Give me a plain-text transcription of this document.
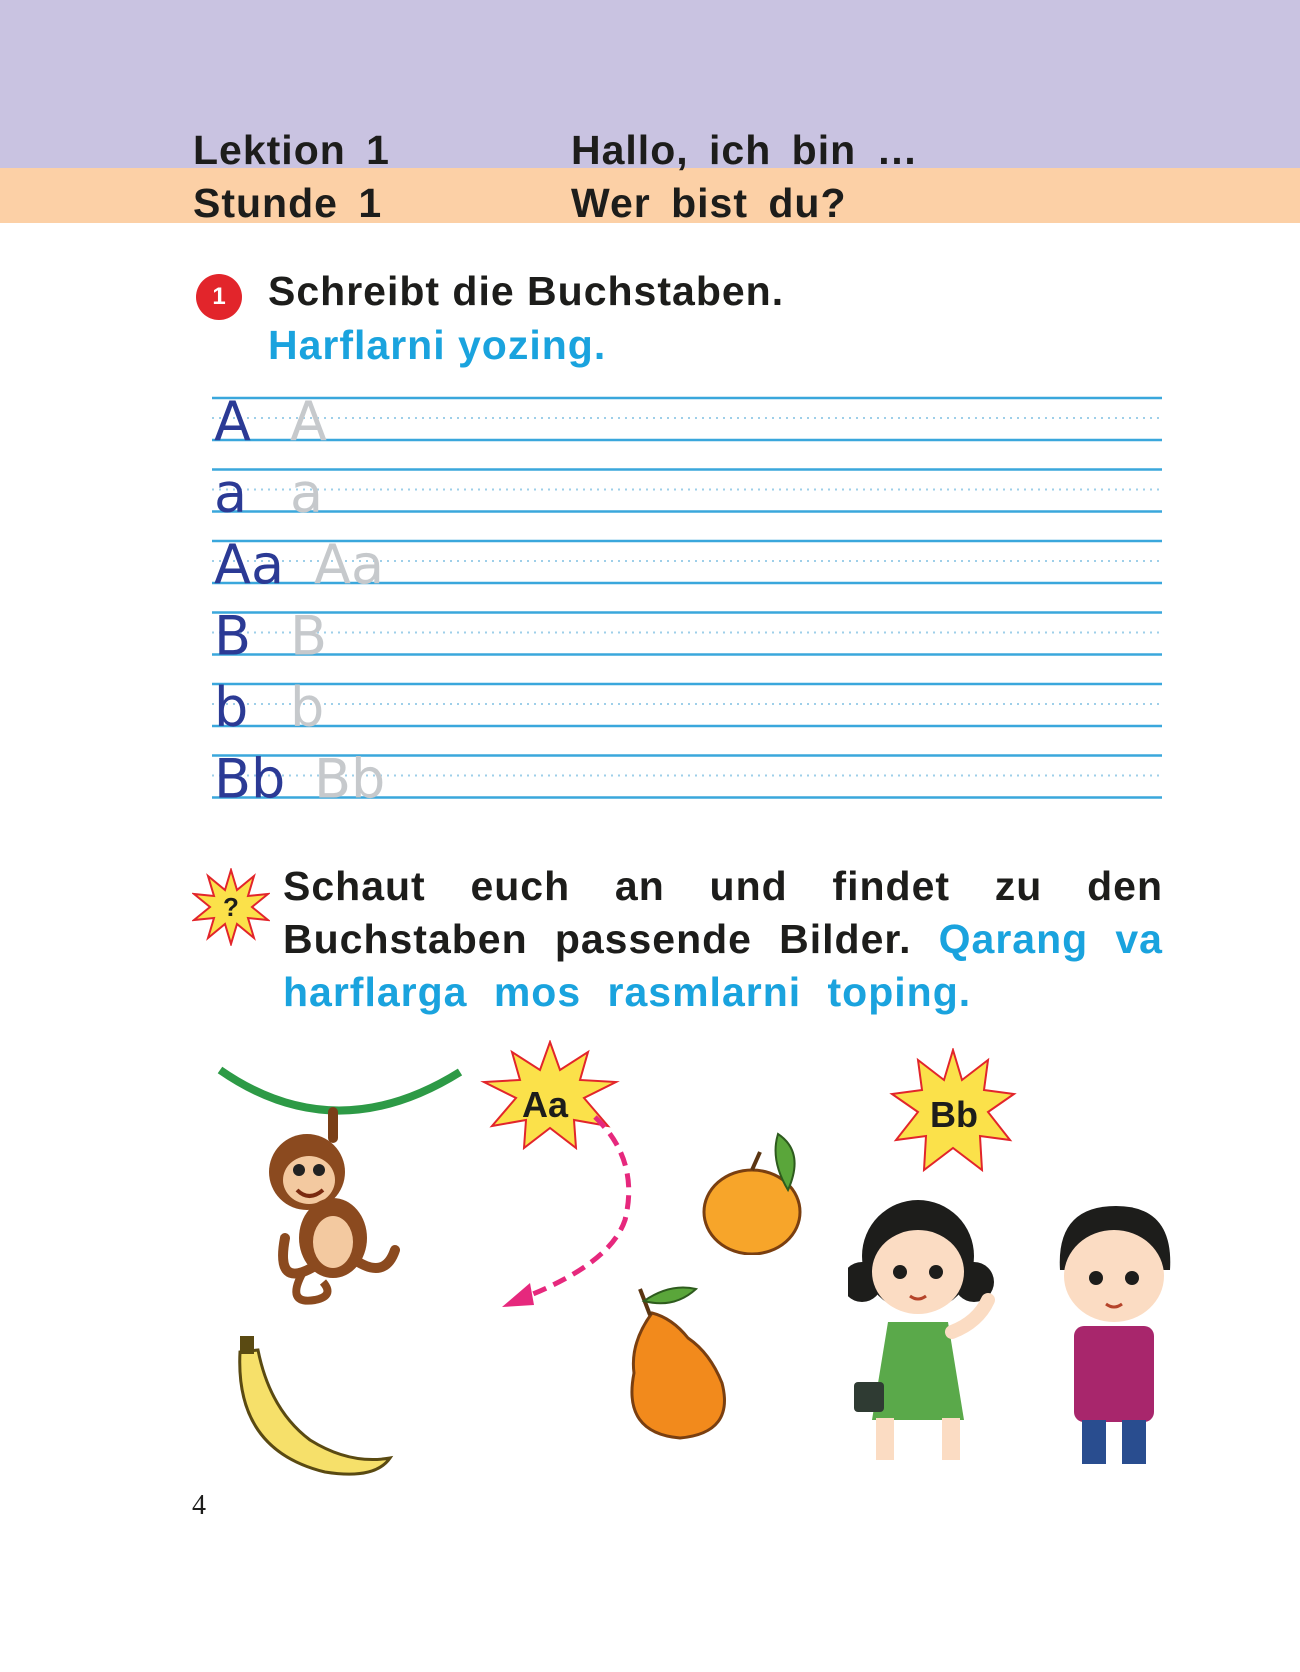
Lektion 1	Hallo, ich bin …
Stunde 1	Wer bist du?
1	Schreibt die Buchstaben.
Harflarni yozing.
A A
a a
Aa Aa
B B
b b
Bb Bb
? Schaut euch an und findet zu den Buchstaben passende Bilder. Qarang va harflarga mos rasmlarni toping.
Aa	Bb
4
